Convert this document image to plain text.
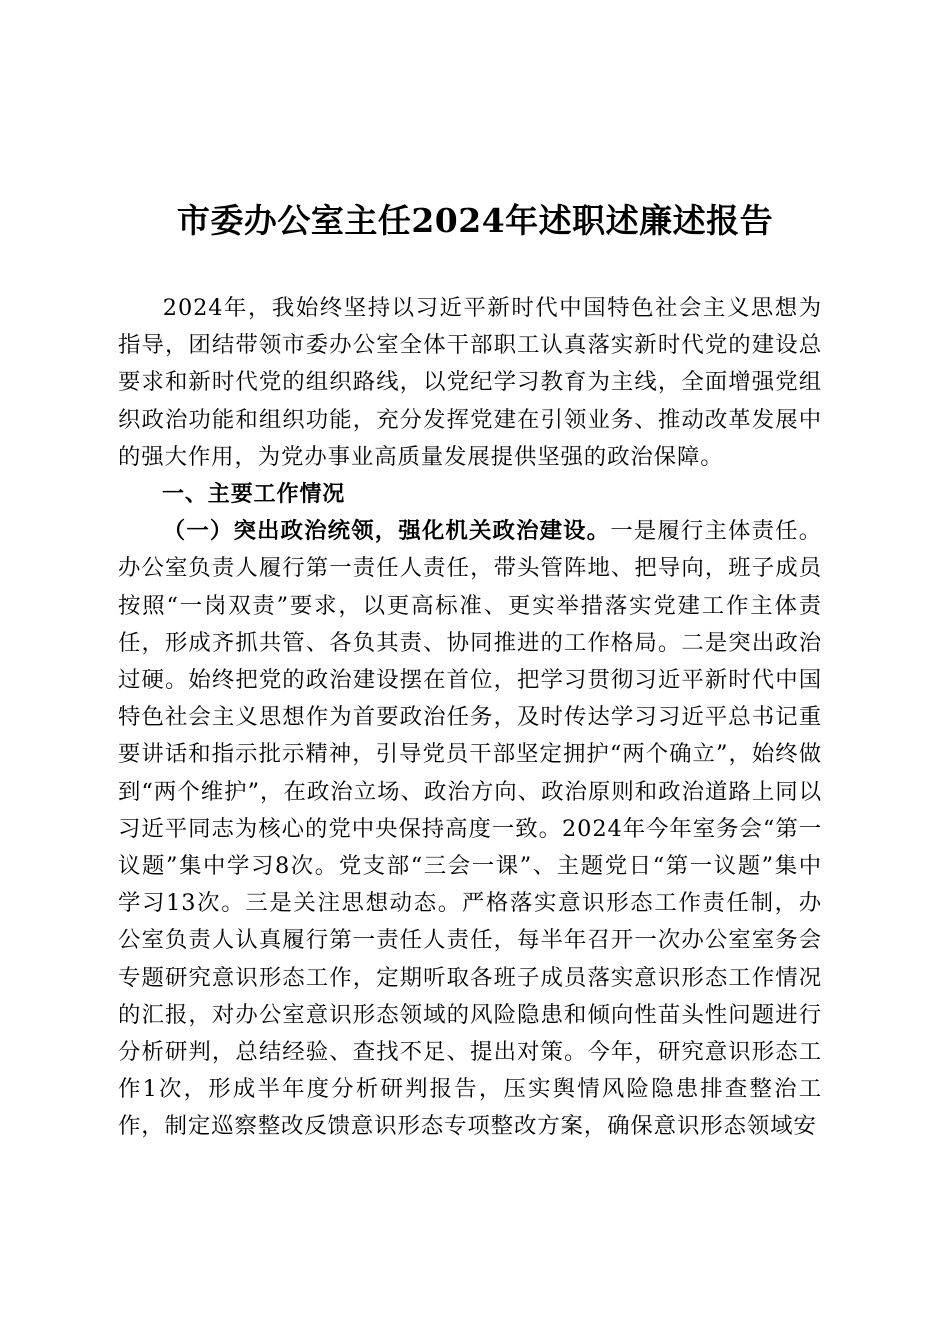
市委办公室主任2024年述职述廉述报告

2024年，我始终坚持以习近平新时代中国特色社会主义思想为指导，团结带领市委办公室全体干部职工认真落实新时代党的建设总要求和新时代党的组织路线，以党纪学习教育为主线，全面增强党组织政治功能和组织功能，充分发挥党建在引领业务、推动改革发展中的强大作用，为党办事业高质量发展提供坚强的政治保障。

一、主要工作情况

（一）突出政治统领，强化机关政治建设。一是履行主体责任。办公室负责人履行第一责任人责任，带头管阵地、把导向，班子成员按照“一岗双责”要求，以更高标准、更实举措落实党建工作主体责任，形成齐抓共管、各负其责、协同推进的工作格局。二是突出政治过硬。始终把党的政治建设摆在首位，把学习贯彻习近平新时代中国特色社会主义思想作为首要政治任务，及时传达学习习近平总书记重要讲话和指示批示精神，引导党员干部坚定拥护“两个确立”，始终做到“两个维护”，在政治立场、政治方向、政治原则和政治道路上同以习近平同志为核心的党中央保持高度一致。2024年今年室务会“第一议题”集中学习8次。党支部“三会一课”、主题党日“第一议题”集中学习13次。三是关注思想动态。严格落实意识形态工作责任制，办公室负责人认真履行第一责任人责任，每半年召开一次办公室室务会专题研究意识形态工作，定期听取各班子成员落实意识形态工作情况的汇报，对办公室意识形态领域的风险隐患和倾向性苗头性问题进行分析研判，总结经验、查找不足、提出对策。今年，研究意识形态工作1次，形成半年度分析研判报告，压实舆情风险隐患排查整治工作，制定巡察整改反馈意识形态专项整改方案，确保意识形态领域安
